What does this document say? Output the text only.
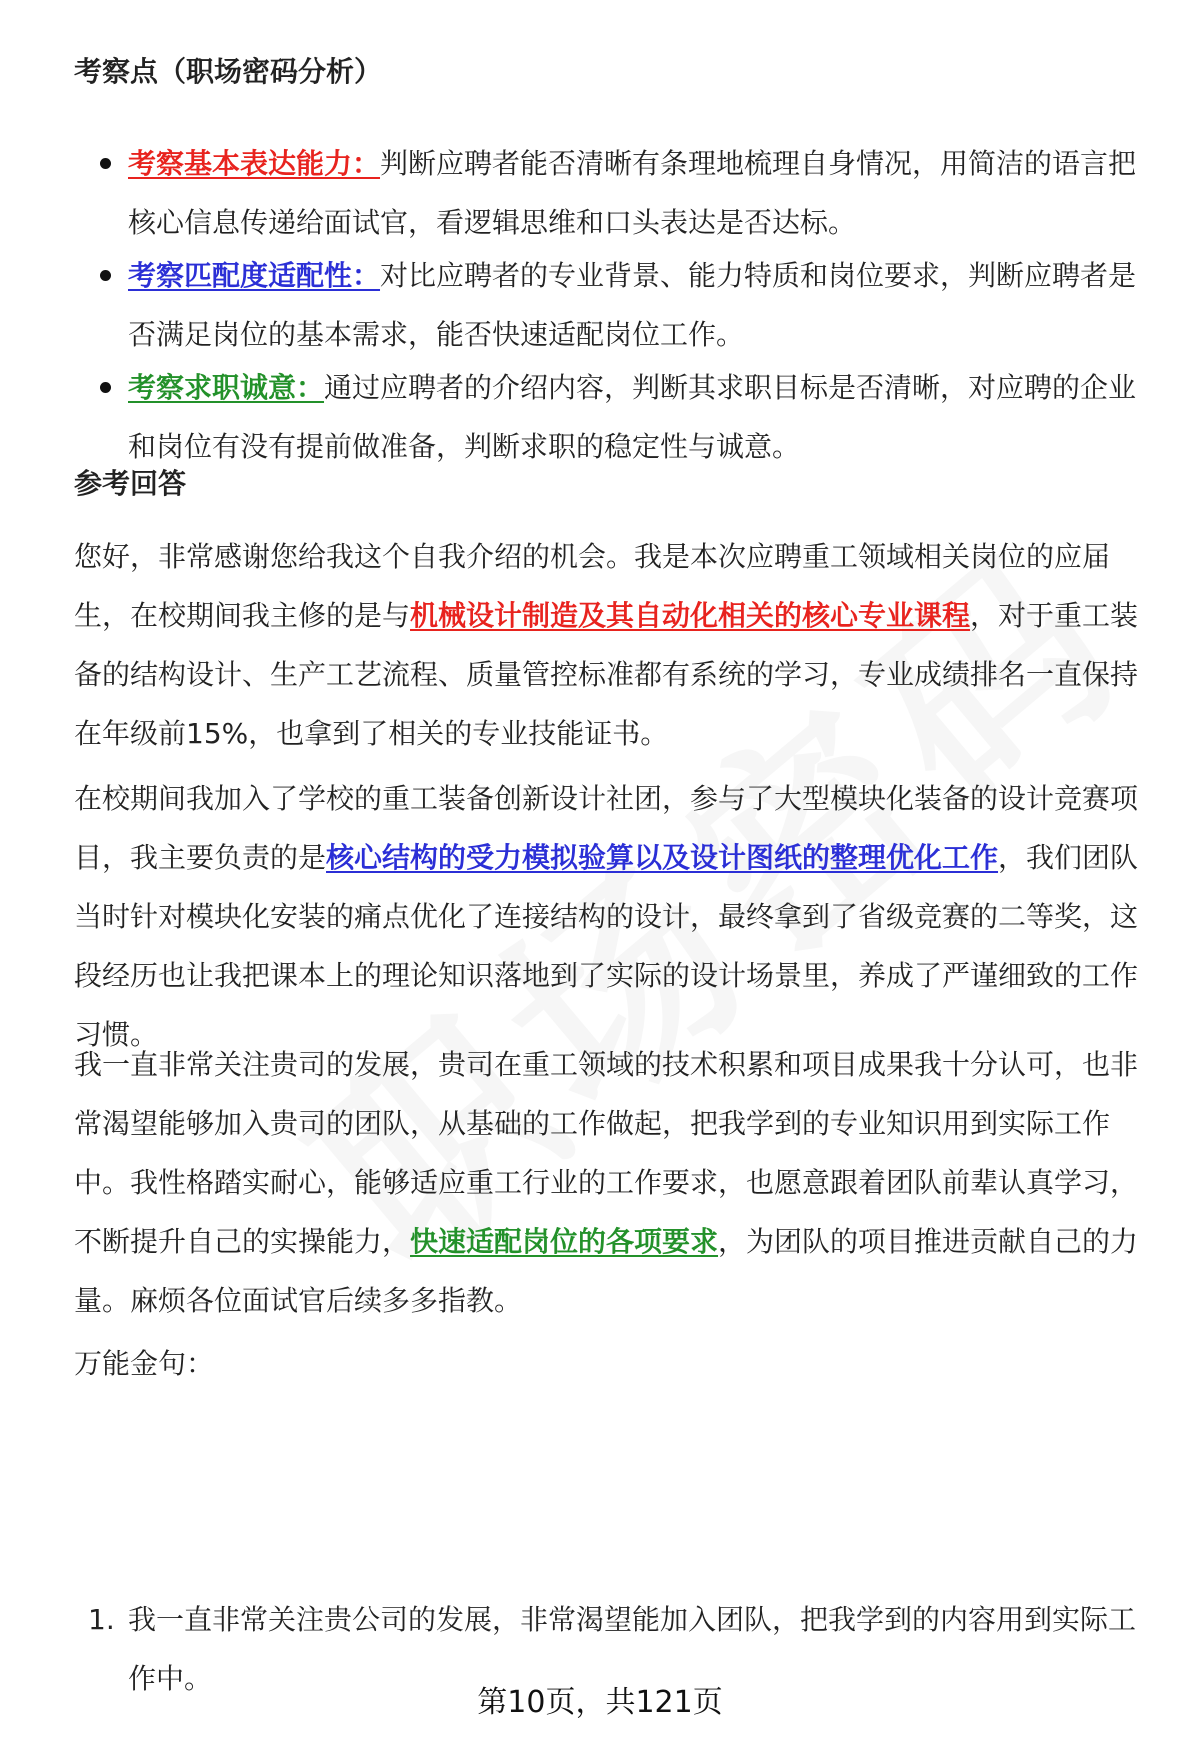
考察点（职场密码分析）
考察基本表达能力：判断应聘者能否清晰有条理地梳理自身情况，用简洁的语言把核心信息传递给面试官，看逻辑思维和口头表达是否达标。
考察匹配度适配性：对比应聘者的专业背景、能力特质和岗位要求，判断应聘者是否满足岗位的基本需求，能否快速适配岗位工作。
考察求职诚意：通过应聘者的介绍内容，判断其求职目标是否清晰，对应聘的企业和岗位有没有提前做准备，判断求职的稳定性与诚意。
参考回答

您好，非常感谢您给我这个自我介绍的机会。我是本次应聘重工领域相关岗位的应届生，在校期间我主修的是与机械设计制造及其自动化相关的核心专业课程，对于重工装备的结构设计、生产工艺流程、质量管控标准都有系统的学习，专业成绩排名一直保持在年级前15%，也拿到了相关的专业技能证书。

在校期间我加入了学校的重工装备创新设计社团，参与了大型模块化装备的设计竞赛项目，我主要负责的是核心结构的受力模拟验算以及设计图纸的整理优化工作，我们团队当时针对模块化安装的痛点优化了连接结构的设计，最终拿到了省级竞赛的二等奖，这段经历也让我把课本上的理论知识落地到了实际的设计场景里，养成了严谨细致的工作习惯。

我一直非常关注贵司的发展，贵司在重工领域的技术积累和项目成果我十分认可，也非常渴望能够加入贵司的团队，从基础的工作做起，把我学到的专业知识用到实际工作中。我性格踏实耐心，能够适应重工行业的工作要求，也愿意跟着团队前辈认真学习，不断提升自己的实操能力，快速适配岗位的各项要求，为团队的项目推进贡献自己的力量。麻烦各位面试官后续多多指教。

万能金句：

1. 我一直非常关注贵公司的发展，非常渴望能加入团队，把我学到的内容用到实际工作中。
第10页，共121页
